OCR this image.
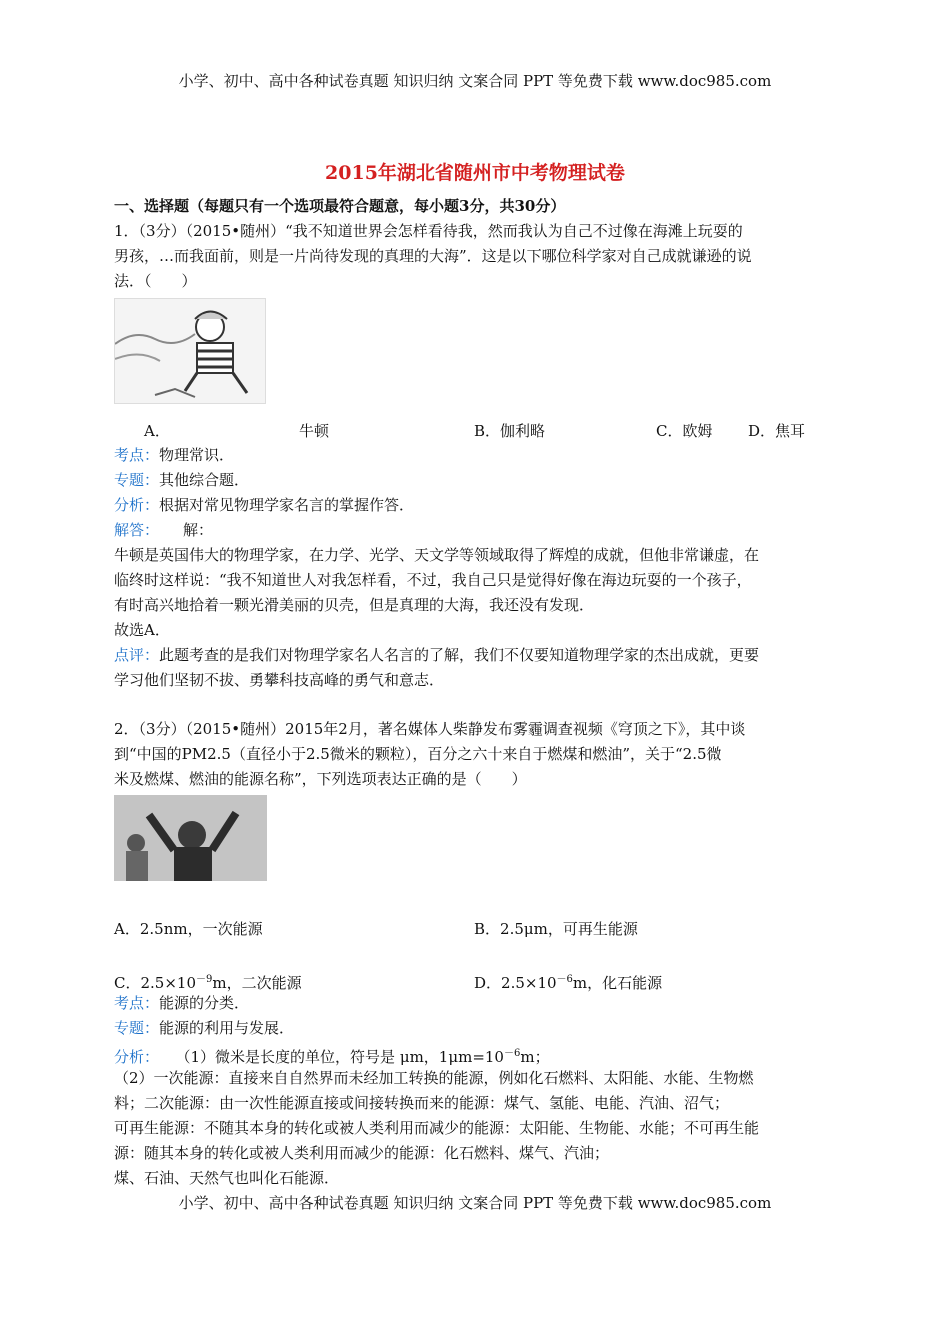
小学、初中、高中各种试卷真题 知识归纳 文案合同 PPT 等免费下载 www.doc985.com
2015年湖北省随州市中考物理试卷
一、选择题（每题只有一个选项最符合题意，每小题3分，共30分）
1．（3分）（2015•随州）“我不知道世界会怎样看待我，然而我认为自己不过像在海滩上玩耍的
男孩，…而我面前，则是一片尚待发现的真理的大海”．这是以下哪位科学家对自己成就谦逊的说
法．（　　）
A．	牛顿	B．伽利略	C．欧姆	D．焦耳
考点：物理常识．
专题：其他综合题．
分析：根据对常见物理学家名言的掌握作答．
解答： 解：
牛顿是英国伟大的物理学家，在力学、光学、天文学等领域取得了辉煌的成就，但他非常谦虚，在
临终时这样说：“我不知道世人对我怎样看，不过，我自己只是觉得好像在海边玩耍的一个孩子，
有时高兴地拾着一颗光滑美丽的贝壳，但是真理的大海，我还没有发现．
故选A．
点评：此题考查的是我们对物理学家名人名言的了解，我们不仅要知道物理学家的杰出成就，更要
学习他们坚韧不拔、勇攀科技高峰的勇气和意志．
2．（3分）（2015•随州）2015年2月，著名媒体人柴静发布雾霾调查视频《穹顶之下》，其中谈
到“中国的PM2.5（直径小于2.5微米的颗粒），百分之六十来自于燃煤和燃油”，关于“2.5微
米及燃煤、燃油的能源名称”，下列选项表达正确的是（　　）
A．2.5nm，一次能源	B．2.5μm，可再生能源
C．$2.5\times 10^{-9}m$，二次能源	D．$2.5\times 10^{-6}m$，化石能源
考点：能源的分类．
专题：能源的利用与发展．
分析： （1）微米是长度的单位，符号是 μm，$1\mu m=10^{-6}m$；
（2）一次能源：直接来自自然界而未经加工转换的能源，例如化石燃料、太阳能、水能、生物燃
料；二次能源：由一次性能源直接或间接转换而来的能源：煤气、氢能、电能、汽油、沼气；
可再生能源：不随其本身的转化或被人类利用而减少的能源：太阳能、生物能、水能；不可再生能
源：随其本身的转化或被人类利用而减少的能源：化石燃料、煤气、汽油；
煤、石油、天然气也叫化石能源．
小学、初中、高中各种试卷真题 知识归纳 文案合同 PPT 等免费下载 www.doc985.com
